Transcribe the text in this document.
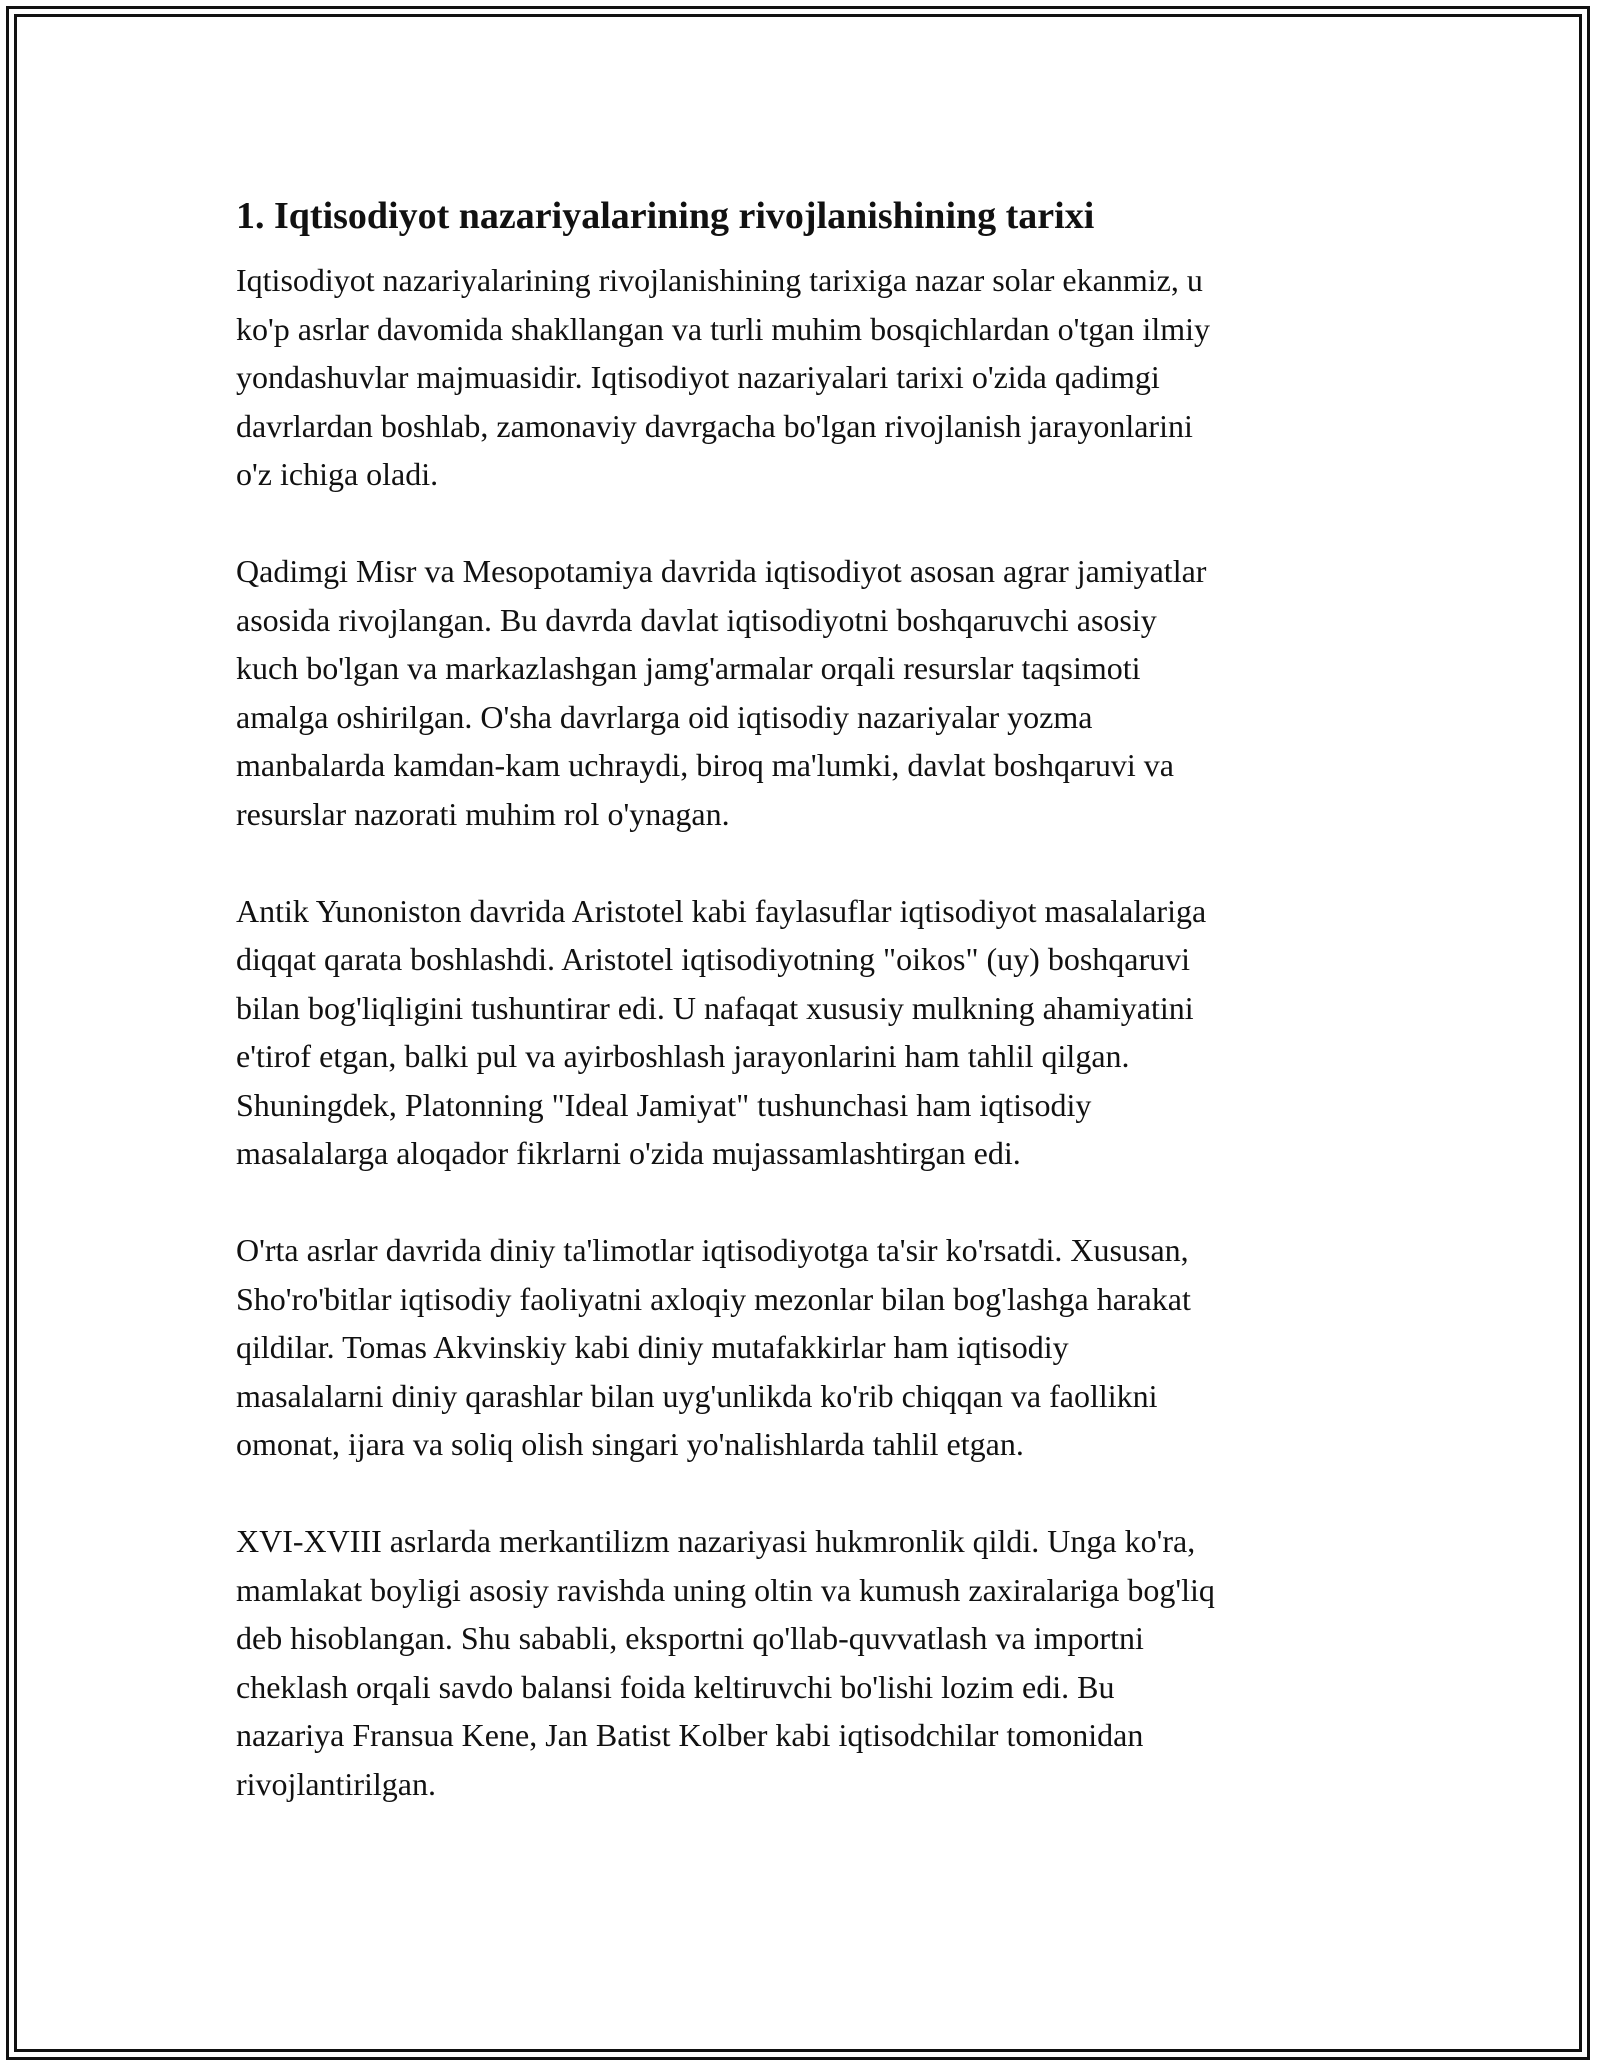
1. Iqtisodiyot nazariyalarining rivojlanishining tarixi

Iqtisodiyot nazariyalarining rivojlanishining tarixiga nazar solar ekanmiz, u
ko'p asrlar davomida shakllangan va turli muhim bosqichlardan o'tgan ilmiy
yondashuvlar majmuasidir. Iqtisodiyot nazariyalari tarixi o'zida qadimgi
davrlardan boshlab, zamonaviy davrgacha bo'lgan rivojlanish jarayonlarini
o'z ichiga oladi.

Qadimgi Misr va Mesopotamiya davrida iqtisodiyot asosan agrar jamiyatlar
asosida rivojlangan. Bu davrda davlat iqtisodiyotni boshqaruvchi asosiy
kuch bo'lgan va markazlashgan jamg'armalar orqali resurslar taqsimoti
amalga oshirilgan. O'sha davrlarga oid iqtisodiy nazariyalar yozma
manbalarda kamdan-kam uchraydi, biroq ma'lumki, davlat boshqaruvi va
resurslar nazorati muhim rol o'ynagan.

Antik Yunoniston davrida Aristotel kabi faylasuflar iqtisodiyot masalalariga
diqqat qarata boshlashdi. Aristotel iqtisodiyotning "oikos" (uy) boshqaruvi
bilan bog'liqligini tushuntirar edi. U nafaqat xususiy mulkning ahamiyatini
e'tirof etgan, balki pul va ayirboshlash jarayonlarini ham tahlil qilgan.
Shuningdek, Platonning "Ideal Jamiyat" tushunchasi ham iqtisodiy
masalalarga aloqador fikrlarni o'zida mujassamlashtirgan edi.

O'rta asrlar davrida diniy ta'limotlar iqtisodiyotga ta'sir ko'rsatdi. Xususan,
Sho'ro'bitlar iqtisodiy faoliyatni axloqiy mezonlar bilan bog'lashga harakat
qildilar. Tomas Akvinskiy kabi diniy mutafakkirlar ham iqtisodiy
masalalarni diniy qarashlar bilan uyg'unlikda ko'rib chiqqan va faollikni
omonat, ijara va soliq olish singari yo'nalishlarda tahlil etgan.

XVI-XVIII asrlarda merkantilizm nazariyasi hukmronlik qildi. Unga ko'ra,
mamlakat boyligi asosiy ravishda uning oltin va kumush zaxiralariga bog'liq
deb hisoblangan. Shu sababli, eksportni qo'llab-quvvatlash va importni
cheklash orqali savdo balansi foida keltiruvchi bo'lishi lozim edi. Bu
nazariya Fransua Kene, Jan Batist Kolber kabi iqtisodchilar tomonidan
rivojlantirilgan.
